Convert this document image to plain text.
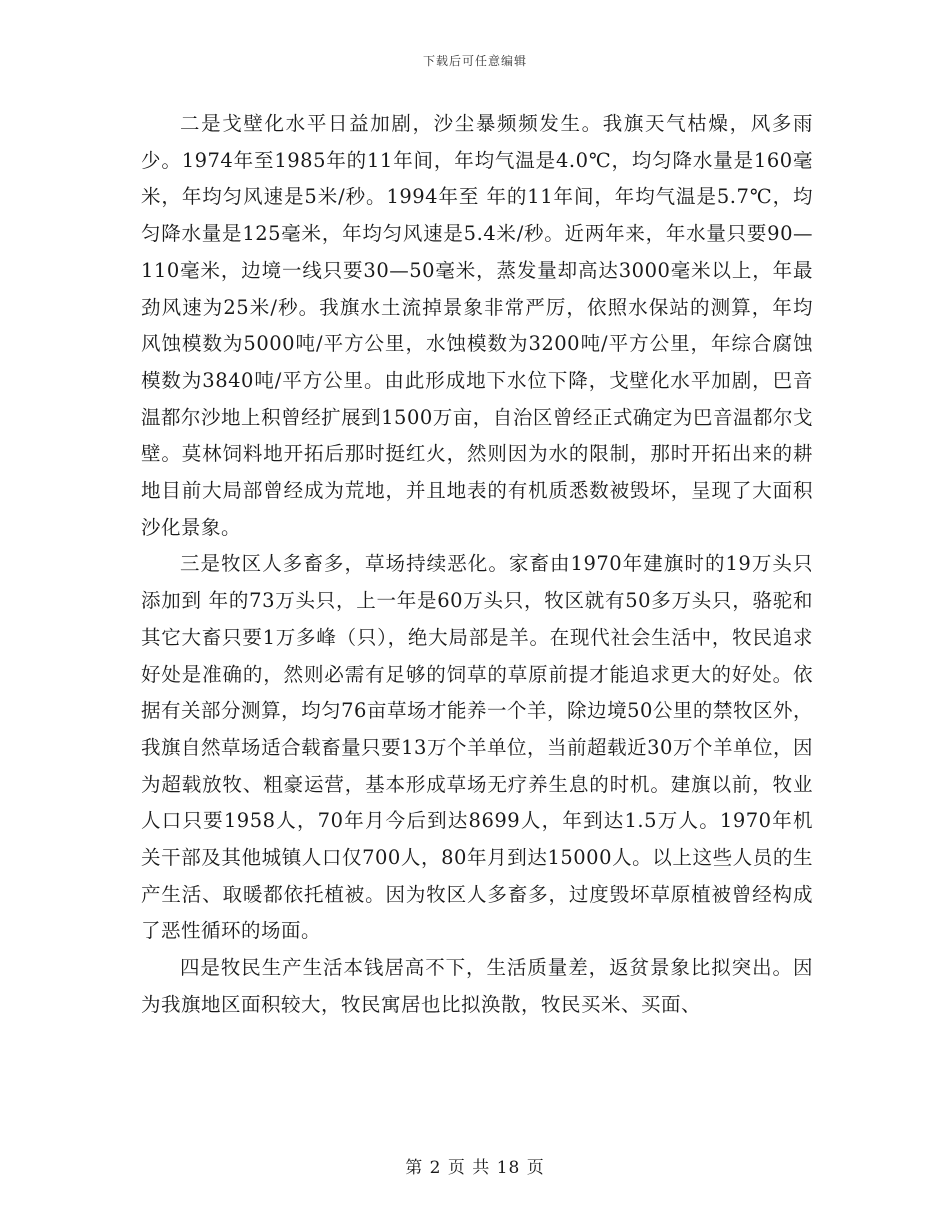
下载后可任意编辑

二是戈壁化水平日益加剧，沙尘暴频频发生。我旗天气枯燥，风多雨少。1974年至1985年的11年间，年均气温是4.0℃，均匀降水量是160毫米，年均匀风速是5米/秒。1994年至 年的11年间，年均气温是5.7℃，均匀降水量是125毫米，年均匀风速是5.4米/秒。近两年来，年水量只要90—110毫米，边境一线只要30—50毫米，蒸发量却高达3000毫米以上，年最劲风速为25米/秒。我旗水土流掉景象非常严厉，依照水保站的测算，年均风蚀模数为5000吨/平方公里，水蚀模数为3200吨/平方公里，年综合腐蚀模数为3840吨/平方公里。由此形成地下水位下降，戈壁化水平加剧，巴音温都尔沙地上积曾经扩展到1500万亩，自治区曾经正式确定为巴音温都尔戈壁。莫林饲料地开拓后那时挺红火，然则因为水的限制，那时开拓出来的耕地目前大局部曾经成为荒地，并且地表的有机质悉数被毁坏，呈现了大面积沙化景象。

三是牧区人多畜多，草场持续恶化。家畜由1970年建旗时的19万头只添加到 年的73万头只，上一年是60万头只，牧区就有50多万头只，骆驼和其它大畜只要1万多峰（只），绝大局部是羊。在现代社会生活中，牧民追求好处是准确的，然则必需有足够的饲草的草原前提才能追求更大的好处。依据有关部分测算，均匀76亩草场才能养一个羊，除边境50公里的禁牧区外，我旗自然草场适合载畜量只要13万个羊单位，当前超载近30万个羊单位，因为超载放牧、粗豪运营，基本形成草场无疗养生息的时机。建旗以前，牧业人口只要1958人，70年月今后到达8699人，年到达1.5万人。1970年机关干部及其他城镇人口仅700人，80年月到达15000人。以上这些人员的生产生活、取暖都依托植被。因为牧区人多畜多，过度毁坏草原植被曾经构成了恶性循环的场面。

四是牧民生产生活本钱居高不下，生活质量差，返贫景象比拟突出。因为我旗地区面积较大，牧民寓居也比拟涣散，牧民买米、买面、

第 2 页 共 18 页
